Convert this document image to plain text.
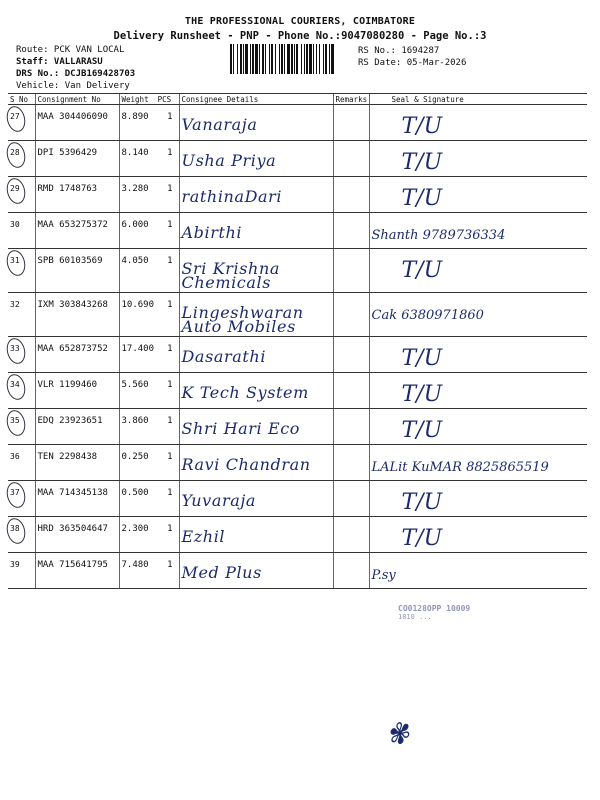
THE PROFESSIONAL COURIERS, COIMBATORE
Delivery Runsheet - PNP - Phone No.:9047080280 - Page No.:3
Route: PCK VAN LOCAL
Staff: VALLARASU
DRS No.: DCJB169428703
Vehicle: Van Delivery
RS No.: 1694287
RS Date: 05-Mar-2026
S No	Consignment No	Weight PCS	Consignee Details	Remarks	Seal & Signature

27	MAA 304406090	8.890 1	Vanaraja		T/U

28	DPI 5396429	8.140 1	Usha Priya		T/U

29	RMD 1748763	3.280 1	rathinaDari		T/U
30	MAA 653275372	6.000 1	Abirthi		Shanth 9789736334

31	SPB 60103569	4.050 1	Sri Krishna Chemicals		T/U
32	IXM 303843268	10.690 1	Lingeshwaran Auto Mobiles		Cak 6380971860

33	MAA 652873752	17.400 1	Dasarathi		T/U

34	VLR 1199460	5.560 1	K Tech System		T/U

35	EDQ 23923651	3.860 1	Shri Hari Eco		T/U
36	TEN 2298438	0.250 1	Ravi Chandran		LALit KuMAR 8825865519

37	MAA 714345138	0.500 1	Yuvaraja		T/U

38	HRD 363504647	2.300 1	Ezhil		T/U
39	MAA 715641795	7.480 1	Med Plus		P.sy
CO0128OPP 10009
1810 ...
✾
